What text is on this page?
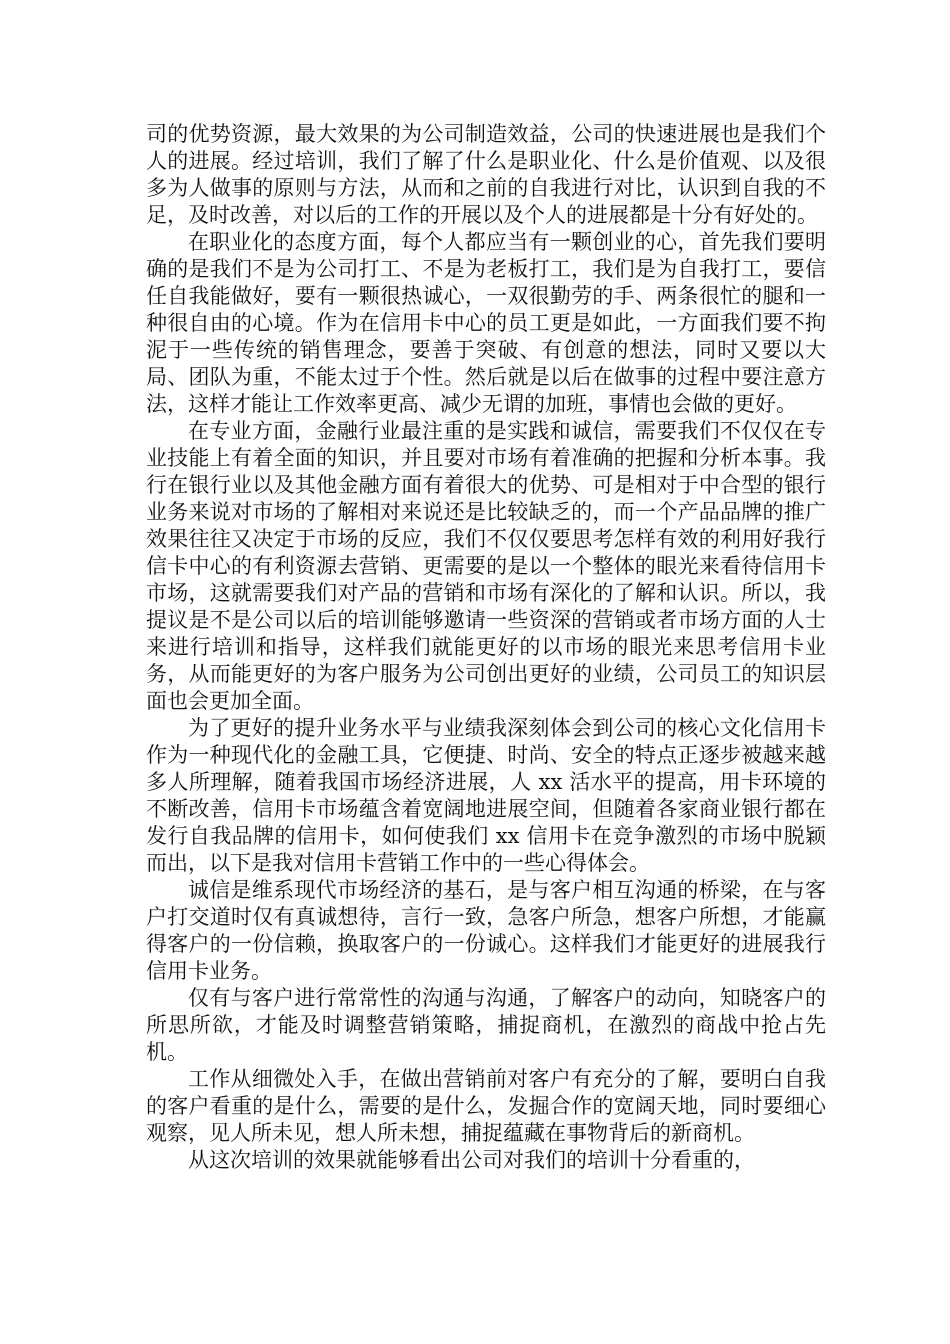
司的优势资源，最大效果的为公司制造效益，公司的快速进展也是我们个人的进展。经过培训，我们了解了什么是职业化、什么是价值观、以及很多为人做事的原则与方法，从而和之前的自我进行对比，认识到自我的不足，及时改善，对以后的工作的开展以及个人的进展都是十分有好处的。

在职业化的态度方面，每个人都应当有一颗创业的心，首先我们要明确的是我们不是为公司打工、不是为老板打工，我们是为自我打工，要信任自我能做好，要有一颗很热诚心，一双很勤劳的手、两条很忙的腿和一种很自由的心境。作为在信用卡中心的员工更是如此，一方面我们要不拘泥于一些传统的销售理念，要善于突破、有创意的想法，同时又要以大局、团队为重，不能太过于个性。然后就是以后在做事的过程中要注意方法，这样才能让工作效率更高、减少无谓的加班，事情也会做的更好。

在专业方面，金融行业最注重的是实践和诚信，需要我们不仅仅在专业技能上有着全面的知识，并且要对市场有着准确的把握和分析本事。我行在银行业以及其他金融方面有着很大的优势、可是相对于中合型的银行业务来说对市场的了解相对来说还是比较缺乏的，而一个产品品牌的推广效果往往又决定于市场的反应，我们不仅仅要思考怎样有效的利用好我行信卡中心的有利资源去营销、更需要的是以一个整体的眼光来看待信用卡市场，这就需要我们对产品的营销和市场有深化的了解和认识。所以，我提议是不是公司以后的培训能够邀请一些资深的营销或者市场方面的人士来进行培训和指导，这样我们就能更好的以市场的眼光来思考信用卡业务，从而能更好的为客户服务为公司创出更好的业绩，公司员工的知识层面也会更加全面。

为了更好的提升业务水平与业绩我深刻体会到公司的核心文化信用卡作为一种现代化的金融工具，它便捷、时尚、安全的特点正逐步被越来越多人所理解，随着我国市场经济进展，人 xx 活水平的提高，用卡环境的不断改善，信用卡市场蕴含着宽阔地进展空间，但随着各家商业银行都在发行自我品牌的信用卡，如何使我们 xx 信用卡在竞争激烈的市场中脱颖而出，以下是我对信用卡营销工作中的一些心得体会。

诚信是维系现代市场经济的基石，是与客户相互沟通的桥梁，在与客户打交道时仅有真诚想待，言行一致，急客户所急，想客户所想，才能赢得客户的一份信赖，换取客户的一份诚心。这样我们才能更好的进展我行信用卡业务。

仅有与客户进行常常性的沟通与沟通，了解客户的动向，知晓客户的所思所欲，才能及时调整营销策略，捕捉商机，在激烈的商战中抢占先机。

工作从细微处入手，在做出营销前对客户有充分的了解，要明白自我的客户看重的是什么，需要的是什么，发掘合作的宽阔天地，同时要细心观察，见人所未见，想人所未想，捕捉蕴藏在事物背后的新商机。

从这次培训的效果就能够看出公司对我们的培训十分看重的，
